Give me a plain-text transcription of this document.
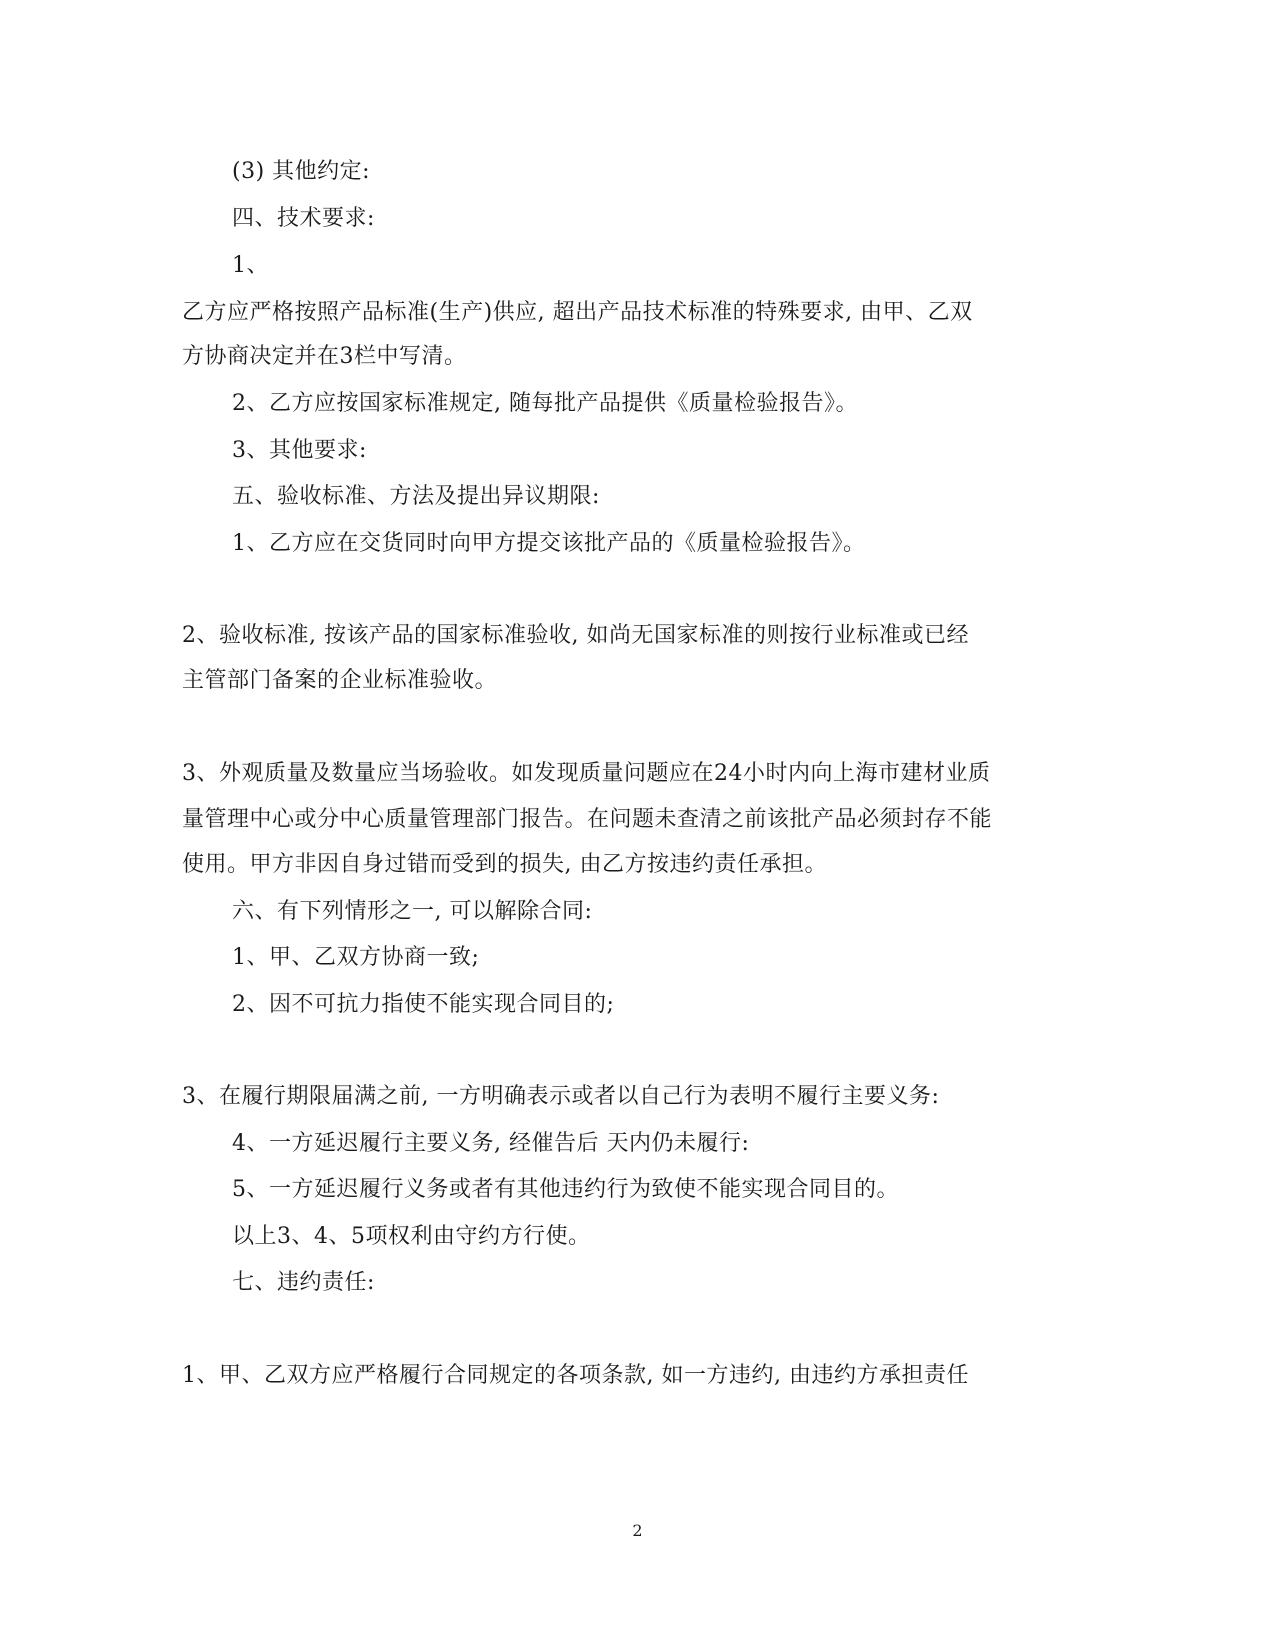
(3) 其他约定:
四、技术要求:
1、
乙方应严格按照产品标准(生产)供应, 超出产品技术标准的特殊要求, 由甲、乙双
方协商决定并在3栏中写清。
2、乙方应按国家标准规定, 随每批产品提供《质量检验报告》。
3、其他要求:
五、验收标准、方法及提出异议期限:
1、乙方应在交货同时向甲方提交该批产品的《质量检验报告》。
2、验收标准, 按该产品的国家标准验收, 如尚无国家标准的则按行业标准或已经
主管部门备案的企业标准验收。
3、外观质量及数量应当场验收。如发现质量问题应在24小时内向上海市建材业质
量管理中心或分中心质量管理部门报告。在问题未查清之前该批产品必须封存不能
使用。甲方非因自身过错而受到的损失, 由乙方按违约责任承担。
六、有下列情形之一, 可以解除合同:
1、甲、乙双方协商一致;
2、因不可抗力指使不能实现合同目的;
3、在履行期限届满之前, 一方明确表示或者以自己行为表明不履行主要义务:
4、一方延迟履行主要义务, 经催告后 天内仍未履行:
5、一方延迟履行义务或者有其他违约行为致使不能实现合同目的。
以上3、4、5项权利由守约方行使。
七、违约责任:
1、甲、乙双方应严格履行合同规定的各项条款, 如一方违约, 由违约方承担责任
2
